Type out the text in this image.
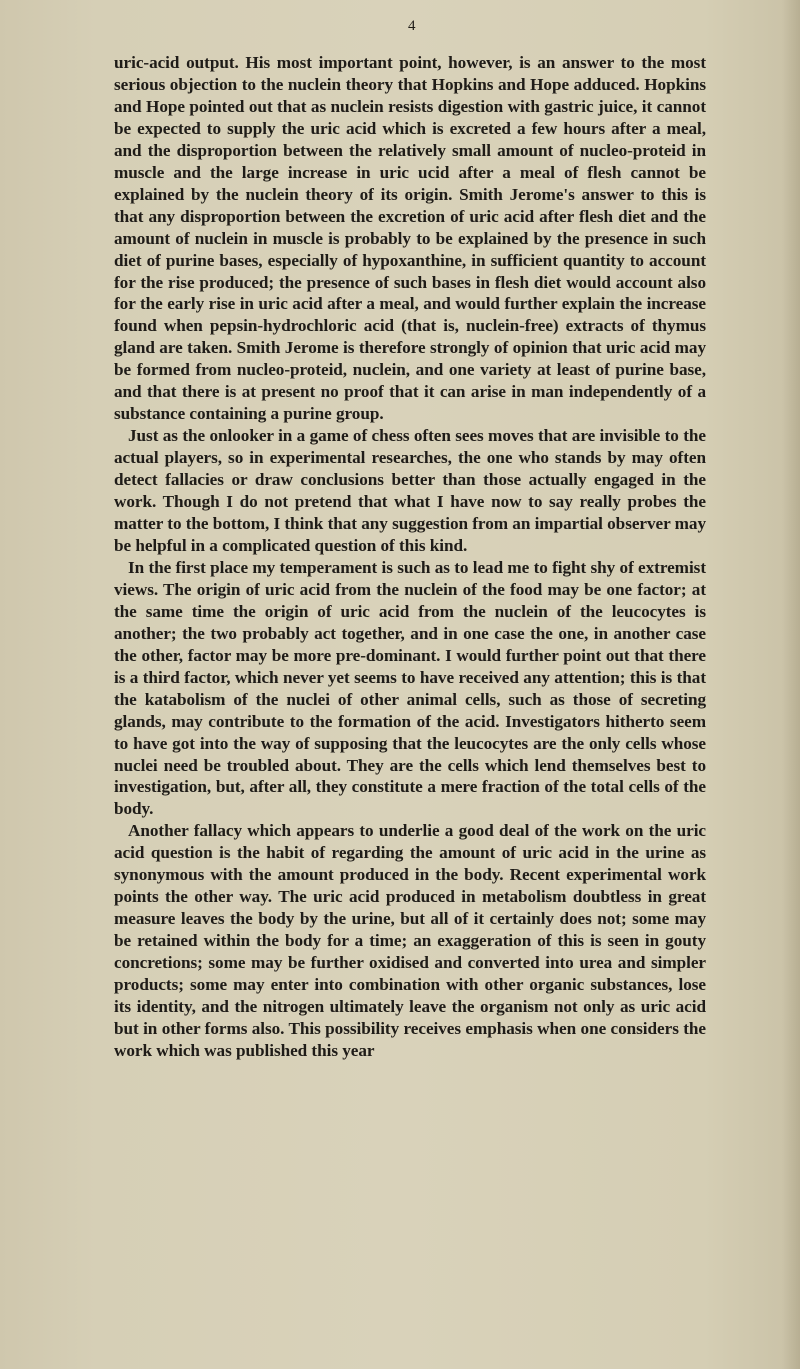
4

uric-acid output. His most important point, however, is an answer to the most serious objection to the nuclein theory that Hopkins and Hope adduced. Hopkins and Hope pointed out that as nuclein resists digestion with gastric juice, it cannot be expected to supply the uric acid which is excreted a few hours after a meal, and the disproportion between the relatively small amount of nucleo-proteid in muscle and the large increase in uric ucid after a meal of flesh cannot be explained by the nuclein theory of its origin. Smith Jerome's answer to this is that any disproportion between the excretion of uric acid after flesh diet and the amount of nuclein in muscle is probably to be explained by the presence in such diet of purine bases, especially of hypoxanthine, in sufficient quantity to account for the rise produced; the presence of such bases in flesh diet would account also for the early rise in uric acid after a meal, and would further explain the increase found when pepsin-hydrochloric acid (that is, nuclein-free) extracts of thymus gland are taken. Smith Jerome is therefore strongly of opinion that uric acid may be formed from nucleo-proteid, nuclein, and one variety at least of purine base, and that there is at present no proof that it can arise in man independently of a substance containing a purine group.

Just as the onlooker in a game of chess often sees moves that are invisible to the actual players, so in experimental researches, the one who stands by may often detect fallacies or draw conclusions better than those actually engaged in the work. Though I do not pretend that what I have now to say really probes the matter to the bottom, I think that any suggestion from an impartial observer may be helpful in a complicated question of this kind.

In the first place my temperament is such as to lead me to fight shy of extremist views. The origin of uric acid from the nuclein of the food may be one factor; at the same time the origin of uric acid from the nuclein of the leucocytes is another; the two probably act together, and in one case the one, in another case the other, factor may be more pre-dominant. I would further point out that there is a third factor, which never yet seems to have received any attention; this is that the katabolism of the nuclei of other animal cells, such as those of secreting glands, may contribute to the formation of the acid. Investigators hitherto seem to have got into the way of supposing that the leucocytes are the only cells whose nuclei need be troubled about. They are the cells which lend themselves best to investigation, but, after all, they constitute a mere fraction of the total cells of the body.

Another fallacy which appears to underlie a good deal of the work on the uric acid question is the habit of regarding the amount of uric acid in the urine as synonymous with the amount produced in the body. Recent experimental work points the other way. The uric acid produced in metabolism doubtless in great measure leaves the body by the urine, but all of it certainly does not; some may be retained within the body for a time; an exaggeration of this is seen in gouty concretions; some may be further oxidised and converted into urea and simpler products; some may enter into combination with other organic substances, lose its identity, and the nitrogen ultimately leave the organism not only as uric acid but in other forms also. This possibility receives emphasis when one considers the work which was published this year
